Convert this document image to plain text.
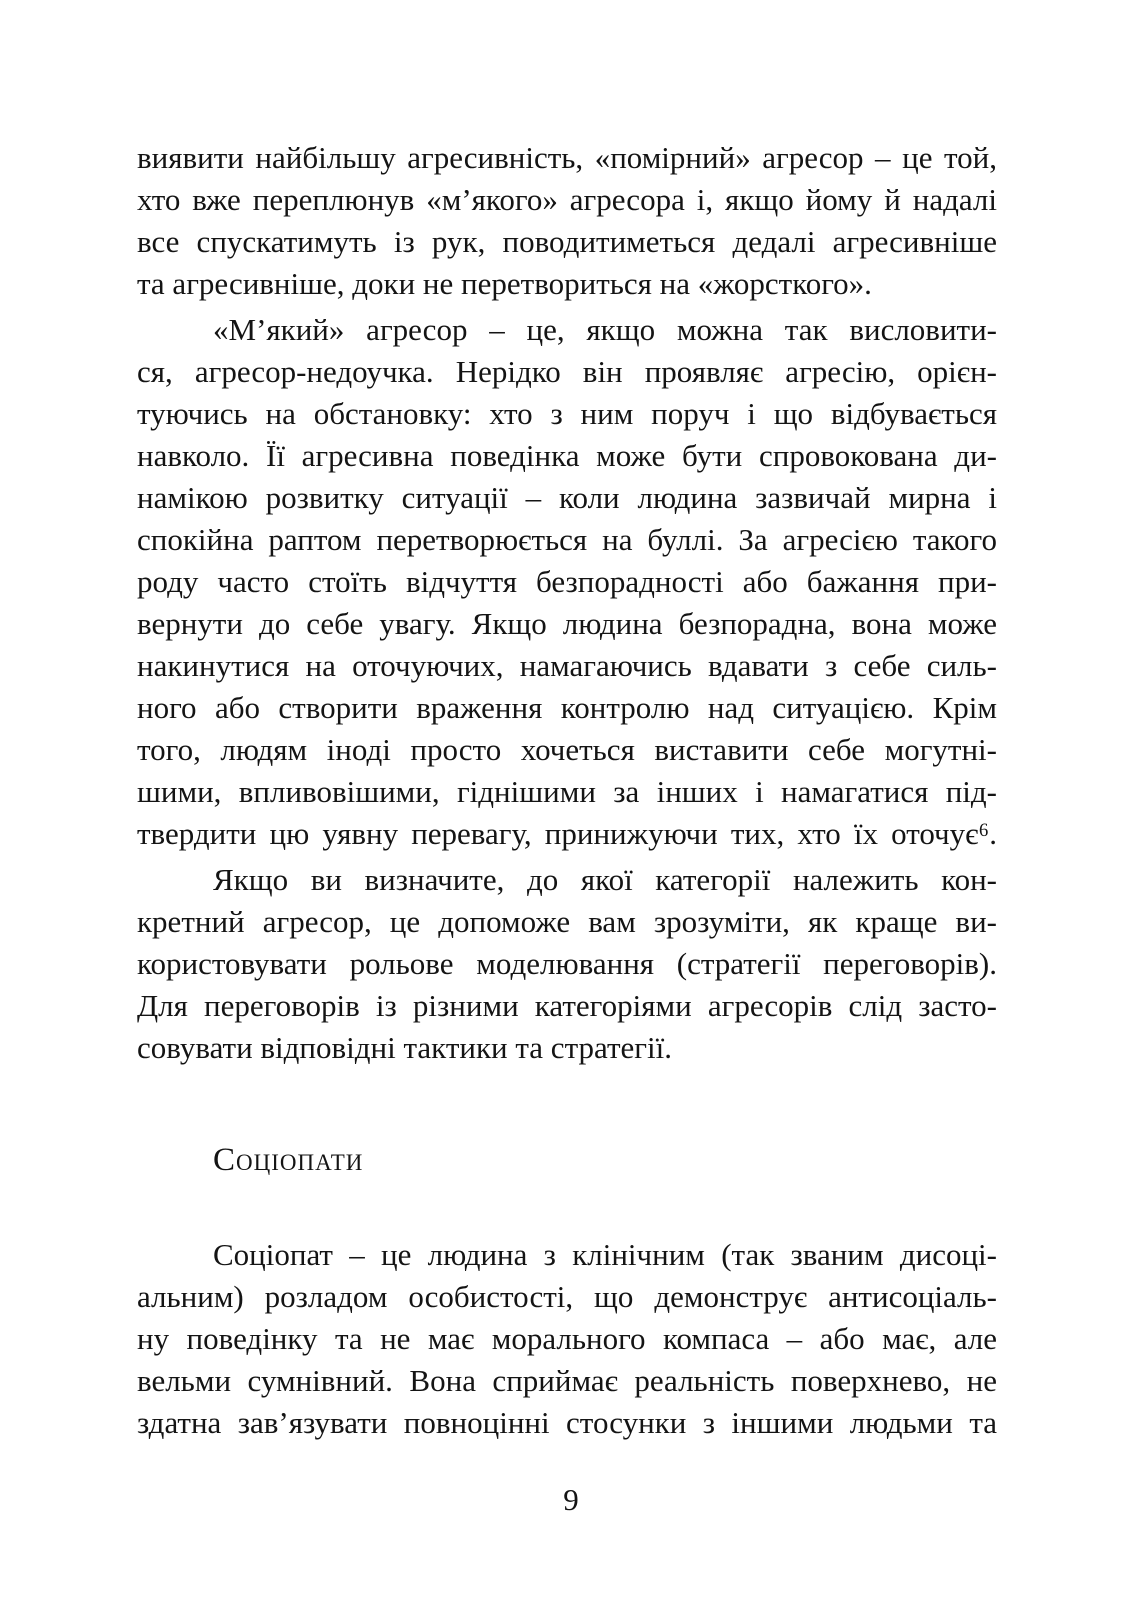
виявити найбільшу агресивність, «помірний» агресор – це той,
хто вже переплюнув «м’якого» агресора і, якщо йому й надалі
все спускатимуть із рук, поводитиметься дедалі агресивніше
та агресивніше, доки не перетвориться на «жорсткого».
«М’який» агресор – це, якщо можна так висловити-
ся, агресор-недоучка. Нерідко він проявляє агресію, орієн-
туючись на обстановку: хто з ним поруч і що відбувається
навколо. Її агресивна поведінка може бути спровокована ди-
намікою розвитку ситуації – коли людина зазвичай мирна і
спокійна раптом перетворюється на буллі. За агресією такого
роду часто стоїть відчуття безпорадності або бажання при-
вернути до себе увагу. Якщо людина безпорадна, вона може
накинутися на оточуючих, намагаючись вдавати з себе силь-
ного або створити враження контролю над ситуацією. Крім
того, людям іноді просто хочеться виставити себе могутні-
шими, впливовішими, гіднішими за інших і намагатися під-
твердити цю уявну перевагу, принижуючи тих, хто їх оточує⁶.
Якщо ви визначите, до якої категорії належить кон-
кретний агресор, це допоможе вам зрозуміти, як краще ви-
користовувати рольове моделювання (стратегії переговорів).
Для переговорів із різними категоріями агресорів слід засто-
совувати відповідні тактики та стратегії.
Соціопати
Соціопат – це людина з клінічним (так званим дисоці-
альним) розладом особистості, що демонструє антисоціаль-
ну поведінку та не має морального компаса – або має, але
вельми сумнівний. Вона сприймає реальність поверхнево, не
здатна зав’язувати повноцінні стосунки з іншими людьми та
9
